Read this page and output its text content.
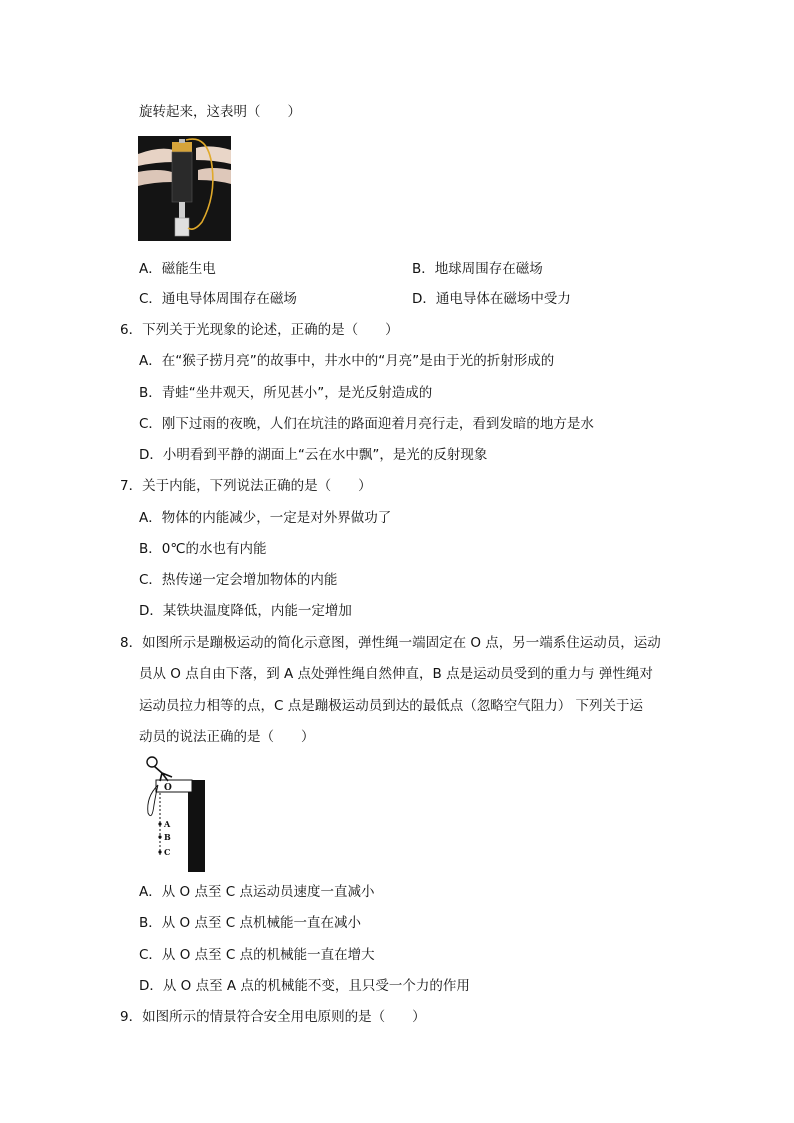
旋转起来，这表明（　　）
A．磁能生电	B．地球周围存在磁场
C．通电导体周围存在磁场	D．通电导体在磁场中受力
6．下列关于光现象的论述，正确的是（　　）
A．在“猴子捞月亮”的故事中，井水中的“月亮”是由于光的折射形成的
B．青蛙“坐井观天，所见甚小”，是光反射造成的
C．刚下过雨的夜晚，人们在坑洼的路面迎着月亮行走，看到发暗的地方是水
D．小明看到平静的湖面上“云在水中飘”，是光的反射现象
7．关于内能，下列说法正确的是（　　）
A．物体的内能减少，一定是对外界做功了
B．0℃的水也有内能
C．热传递一定会增加物体的内能
D．某铁块温度降低，内能一定增加
8．如图所示是蹦极运动的简化示意图，弹性绳一端固定在 O 点，另一端系住运动员，运动
员从 O 点自由下落，到 A 点处弹性绳自然伸直，B 点是运动员受到的重力与 弹性绳对
运动员拉力相等的点，C 点是蹦极运动员到达的最低点（忽略空气阻力） 下列关于运
动员的说法正确的是（　　）
O
A
B
C
A．从 O 点至 C 点运动员速度一直减小
B．从 O 点至 C 点机械能一直在减小
C．从 O 点至 C 点的机械能一直在增大
D．从 O 点至 A 点的机械能不变，且只受一个力的作用
9．如图所示的情景符合安全用电原则的是（　　）
